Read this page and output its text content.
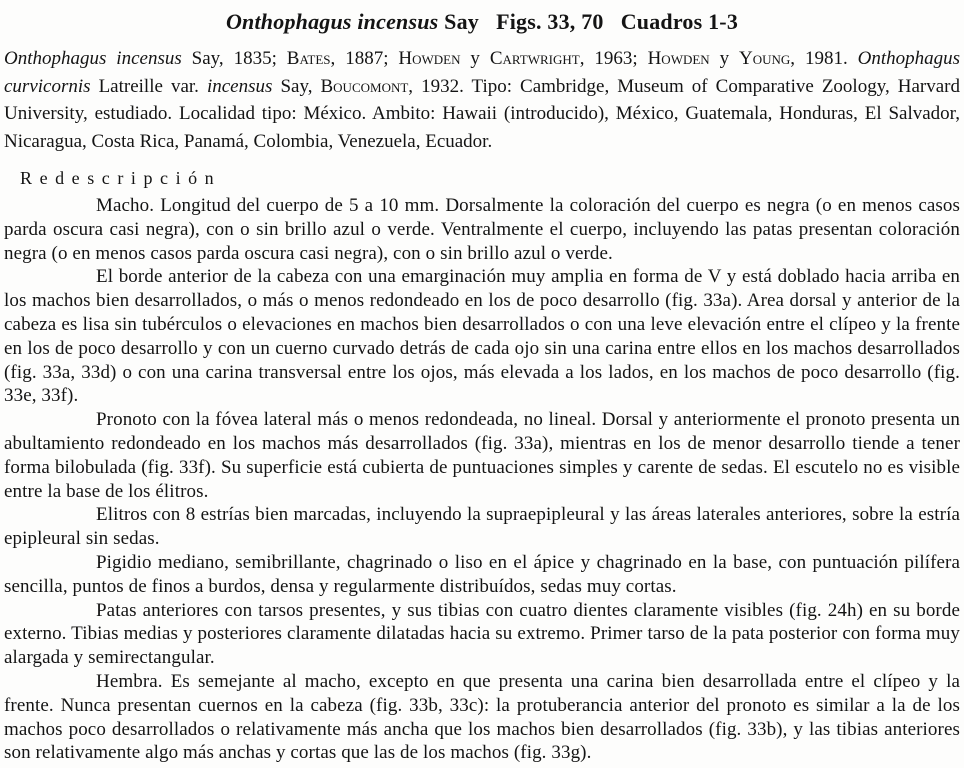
Onthophagus incensus Say   Figs. 33, 70   Cuadros 1-3

Onthophagus incensus Say, 1835; Bates, 1887; Howden y Cartwright, 1963; Howden y Young, 1981. Onthophagus curvicornis Latreille var. incensus Say, Boucomont, 1932. Tipo: Cambridge, Museum of Comparative Zoology, Harvard University, estudiado. Localidad tipo: México. Ambito: Hawaii (introducido), México, Guatemala, Honduras, El Salvador, Nicaragua, Costa Rica, Panamá, Colombia, Venezuela, Ecuador.

Redescripción

Macho. Longitud del cuerpo de 5 a 10 mm. Dorsalmente la coloración del cuerpo es negra (o en menos casos parda oscura casi negra), con o sin brillo azul o verde. Ventralmente el cuerpo, incluyendo las patas presentan coloración negra (o en menos casos parda oscura casi negra), con o sin brillo azul o verde.

El borde anterior de la cabeza con una emarginación muy amplia en forma de V y está doblado hacia arriba en los machos bien desarrollados, o más o menos redondeado en los de poco desarrollo (fig. 33a). Area dorsal y anterior de la cabeza es lisa sin tubérculos o elevaciones en machos bien desarrollados o con una leve elevación entre el clípeo y la frente en los de poco desarrollo y con un cuerno curvado detrás de cada ojo sin una carina entre ellos en los machos desarrollados (fig. 33a, 33d) o con una carina transversal entre los ojos, más elevada a los lados, en los machos de poco desarrollo (fig. 33e, 33f).

Pronoto con la fóvea lateral más o menos redondeada, no lineal. Dorsal y anteriormente el pronoto presenta un abultamiento redondeado en los machos más desarrollados (fig. 33a), mientras en los de menor desarrollo tiende a tener forma bilobulada (fig. 33f). Su superficie está cubierta de puntuaciones simples y carente de sedas. El escutelo no es visible entre la base de los élitros.

Elitros con 8 estrías bien marcadas, incluyendo la supraepipleural y las áreas laterales anteriores, sobre la estría epipleural sin sedas.

Pigidio mediano, semibrillante, chagrinado o liso en el ápice y chagrinado en la base, con puntuación pilífera sencilla, puntos de finos a burdos, densa y regularmente distribuídos, sedas muy cortas.

Patas anteriores con tarsos presentes, y sus tibias con cuatro dientes claramente visibles (fig. 24h) en su borde externo. Tibias medias y posteriores claramente dilatadas hacia su extremo. Primer tarso de la pata posterior con forma muy alargada y semirectangular.

Hembra. Es semejante al macho, excepto en que presenta una carina bien desarrollada entre el clípeo y la frente. Nunca presentan cuernos en la cabeza (fig. 33b, 33c): la protuberancia anterior del pronoto es similar a la de los machos poco desarrollados o relativamente más ancha que los machos bien desarrollados (fig. 33b), y las tibias anteriores son relativamente algo más anchas y cortas que las de los machos (fig. 33g).
